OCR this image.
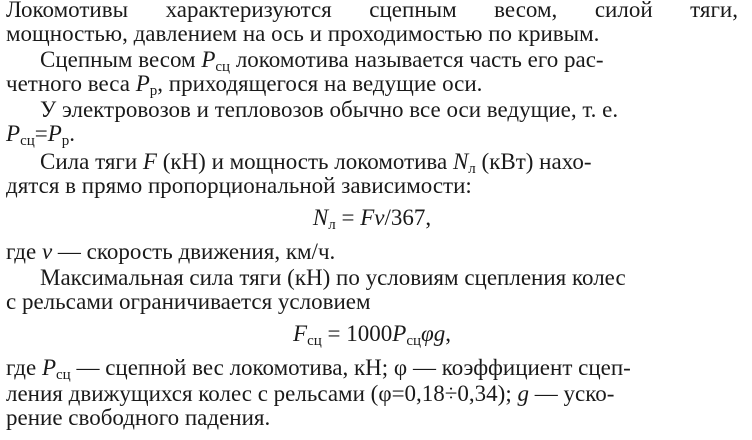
Локомотивы характеризуются сцепным весом, силой тяги,
мощностью, давлением на ось и проходимостью по кривым.
Сцепным весом $P_{сц}$ локомотива называется часть его рас-
четного веса $P_р$, приходящегося на ведущие оси.
У электровозов и тепловозов обычно все оси ведущие, т. е.
$P_{сц}=P_р$.
Сила тяги F (кН) и мощность локомотива $N_л$ (кВт) нахо-
дятся в прямо пропорциональной зависимости:
$N_л = Fv/367$,
где v — скорость движения, км/ч.
Максимальная сила тяги (кН) по условиям сцепления колес
с рельсами ограничивается условием
$F_{сц} = 1000P_{сц}\varphi g$,
где $P_{сц}$ — сцепной вес локомотива, кН; φ — коэффициент сцеп-
ления движущихся колес с рельсами (φ=0,18÷0,34); g — уско-
рение свободного падения.
